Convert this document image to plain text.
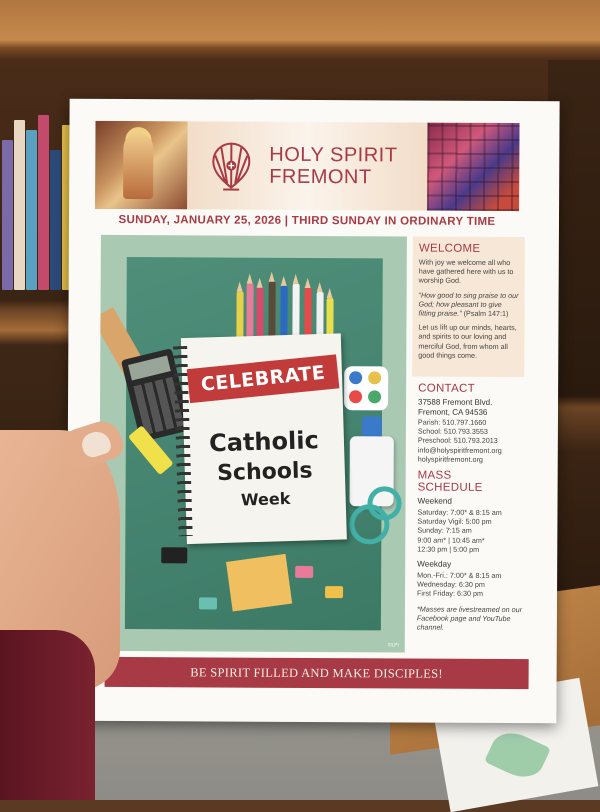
HOLY SPIRIT
FREMONT
SUNDAY, JANUARY 25, 2026 | THIRD SUNDAY IN ORDINARY TIME
CELEBRATE
Catholic
Schools
Week
©LPi
WELCOME
With joy we welcome all who have gathered here with us to worship God.
“How good to sing praise to our God; how pleasant to give fitting praise.” (Psalm 147:1)
Let us lift up our minds, hearts, and spirits to our loving and merciful God, from whom all good things come.
CONTACT
37588 Fremont Blvd.
Fremont, CA 94536
Parish: 510.797.1660
School: 510.793.3553
Preschool: 510.793.2013
info@holyspiritfremont.org
holyspiritfremont.org
MASS
SCHEDULE
Weekend
Saturday: 7:00* & 8:15 am
Saturday Vigil: 5:00 pm
Sunday: 7:15 am
9:00 am* | 10:45 am*
12:30 pm | 5:00 pm
Weekday
Mon.-Fri.: 7:00* & 8:15 am
Wednesday: 6:30 pm
First Friday: 6:30 pm
*Masses are livestreamed on our Facebook page and YouTube channel.
BE SPIRIT FILLED AND MAKE DISCIPLES!
